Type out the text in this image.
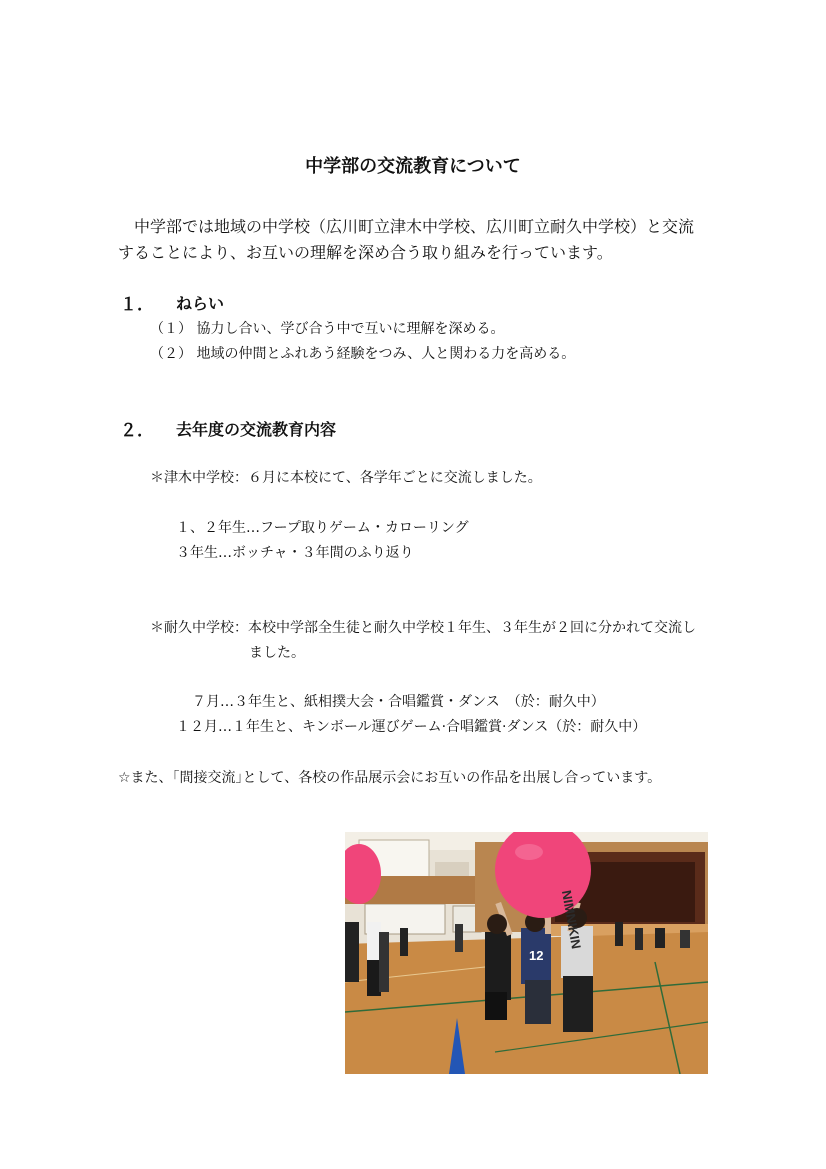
中学部の交流教育について
　中学部では地域の中学校（広川町立津木中学校、広川町立耐久中学校）と交流
することにより、お互いの理解を深め合う取り組みを行っています。
１． ねらい
（１） 協力し合い、学び合う中で互いに理解を深める。
（２） 地域の仲間とふれあう経験をつみ、人と関わる力を高める。
２． 去年度の交流教育内容
＊津木中学校：６月に本校にて、各学年ごとに交流しました。
１、２年生…フープ取りゲーム・カローリング
３年生…ボッチャ・３年間のふり返り
＊耐久中学校：本校中学部全生徒と耐久中学校１年生、３年生が２回に分かれて交流し
ました。
７月…３年生と、紙相撲大会・合唱鑑賞・ダンス　（於：耐久中）
１２月…１年生と、キンボール運びゲーム·合唱鑑賞·ダンス（於：耐久中）
☆また、｢間接交流｣として、各校の作品展示会にお互いの作品を出展し合っています。
12
NIMNIKIN
